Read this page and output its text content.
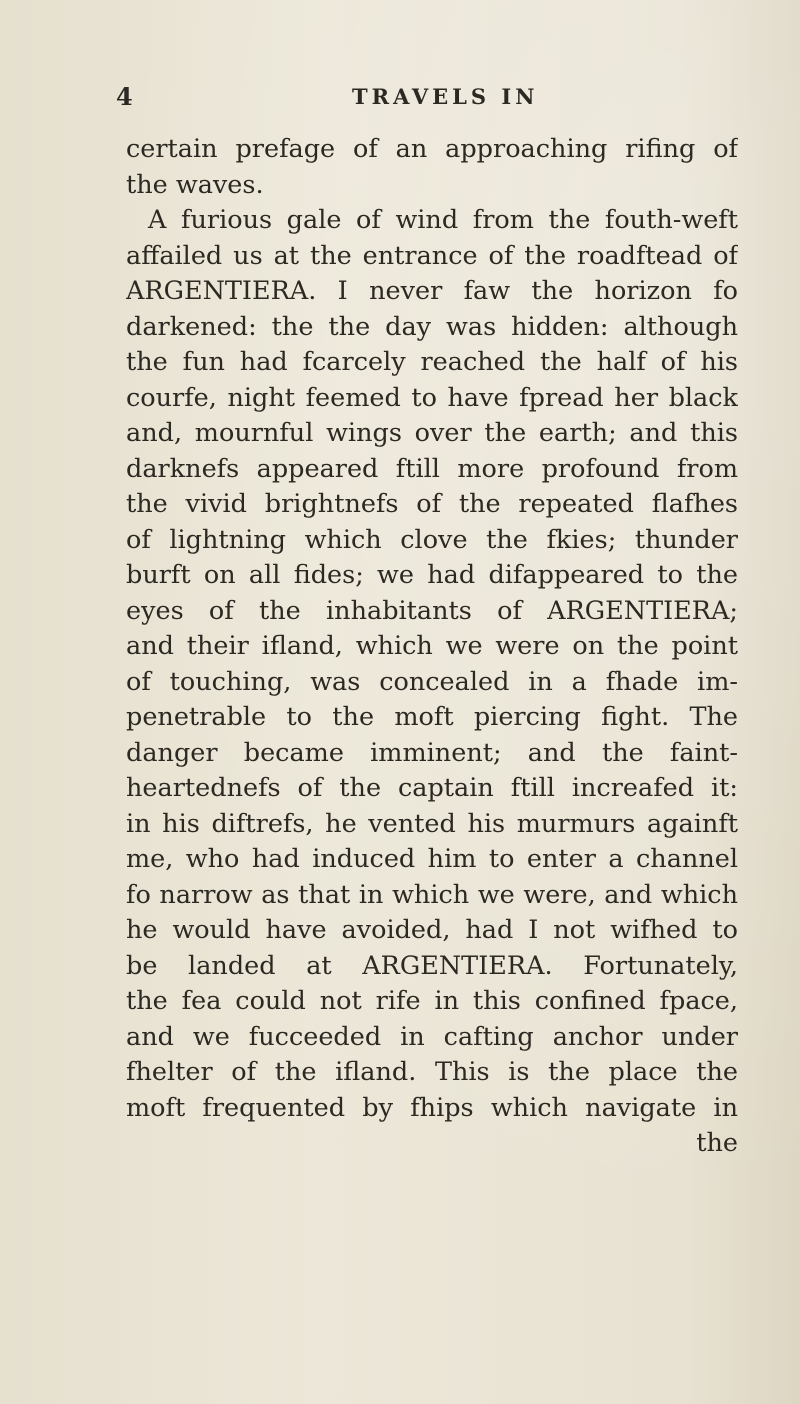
4	TRAVELS IN
certain prefage of an approaching rifing of
the waves.
A furious gale of wind from the fouth-weft
affailed us at the entrance of the roadftead of
ARGENTIERA. I never faw the horizon fo
darkened: the the day was hidden: although
the fun had fcarcely reached the half of his
courfe, night feemed to have fpread her black
and, mournful wings over the earth; and this
darknefs appeared ftill more profound from
the vivid brightnefs of the repeated flafhes
of lightning which clove the fkies; thunder
burft on all fides; we had difappeared to the
eyes of the inhabitants of ARGENTIERA;
and their ifland, which we were on the point
of touching, was concealed in a fhade im-
penetrable to the moft piercing fight. The
danger became imminent; and the faint-
heartednefs of the captain ftill increafed it:
in his diftrefs, he vented his murmurs againft
me, who had induced him to enter a channel
fo narrow as that in which we were, and which
he would have avoided, had I not wifhed to
be landed at ARGENTIERA. Fortunately,
the fea could not rife in this confined fpace,
and we fucceeded in cafting anchor under
fhelter of the ifland. This is the place the
moft frequented by fhips which navigate in
the
